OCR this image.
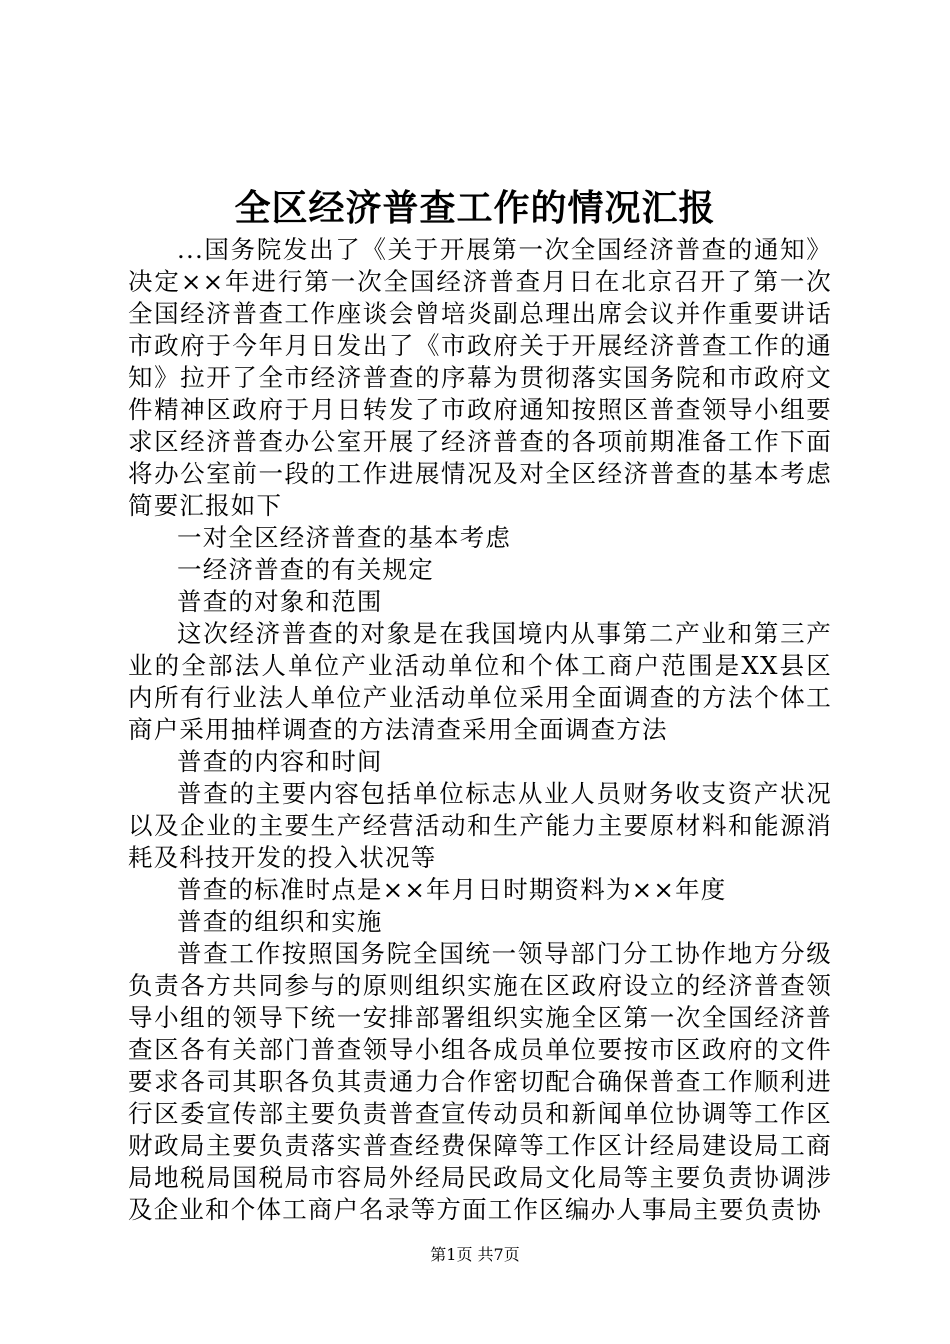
全区经济普查工作的情况汇报

...国务院发出了《关于开展第一次全国经济普查的通知》决定××年进行第一次全国经济普查月日在北京召开了第一次全国经济普查工作座谈会曾培炎副总理出席会议并作重要讲话市政府于今年月日发出了《市政府关于开展经济普查工作的通知》拉开了全市经济普查的序幕为贯彻落实国务院和市政府文件精神区政府于月日转发了市政府通知按照区普查领导小组要求区经济普查办公室开展了经济普查的各项前期准备工作下面将办公室前一段的工作进展情况及对全区经济普查的基本考虑简要汇报如下

一对全区经济普查的基本考虑

一经济普查的有关规定

普查的对象和范围

这次经济普查的对象是在我国境内从事第二产业和第三产业的全部法人单位产业活动单位和个体工商户范围是XX县区内所有行业法人单位产业活动单位采用全面调查的方法个体工商户采用抽样调查的方法清查采用全面调查方法

普查的内容和时间

普查的主要内容包括单位标志从业人员财务收支资产状况以及企业的主要生产经营活动和生产能力主要原材料和能源消耗及科技开发的投入状况等

普查的标准时点是××年月日时期资料为××年度

普查的组织和实施

普查工作按照国务院全国统一领导部门分工协作地方分级负责各方共同参与的原则组织实施在区政府设立的经济普查领导小组的领导下统一安排部署组织实施全区第一次全国经济普查区各有关部门普查领导小组各成员单位要按市区政府的文件要求各司其职各负其责通力合作密切配合确保普查工作顺利进行区委宣传部主要负责普查宣传动员和新闻单位协调等工作区财政局主要负责落实普查经费保障等工作区计经局建设局工商局地税局国税局市容局外经局民政局文化局等主要负责协调涉及企业和个体工商户名录等方面工作区编办人事局主要负责协

第1页 共7页
